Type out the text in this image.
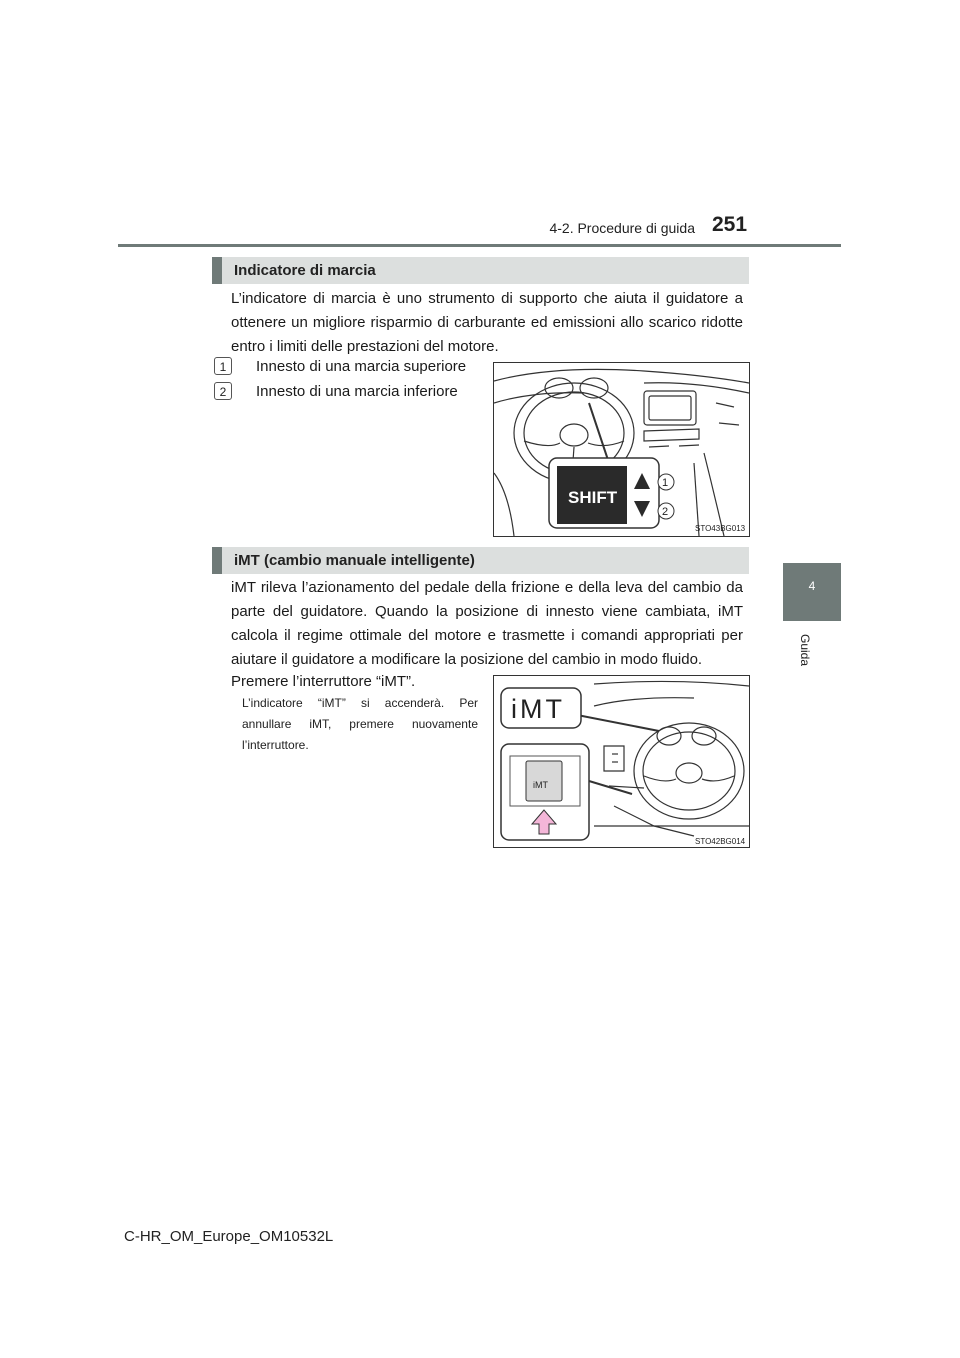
4-2. Procedure di guida 251
4
Guida
Indicatore di marcia
L’indicatore di marcia è uno strumento di supporto che aiuta il guidatore a ottenere un migliore risparmio di carburante ed emissioni allo scarico ridotte entro i limiti delle prestazioni del motore.
1	Innesto di una marcia superiore
2	Innesto di una marcia inferiore
SHIFT
1
2
STO43BG013
iMT (cambio manuale intelligente)
iMT rileva l’azionamento del pedale della frizione e della leva del cambio da parte del guidatore. Quando la posizione di innesto viene cambiata, iMT calcola il regime ottimale del motore e trasmette i comandi appropriati per aiutare il guidatore a modificare la posizione del cambio in modo fluido.
Premere l’interruttore “iMT”.
L’indicatore “iMT” si accenderà. Per annullare iMT, premere nuovamente l’interruttore.
iMT
iMT
STO42BG014
C-HR_OM_Europe_OM10532L
